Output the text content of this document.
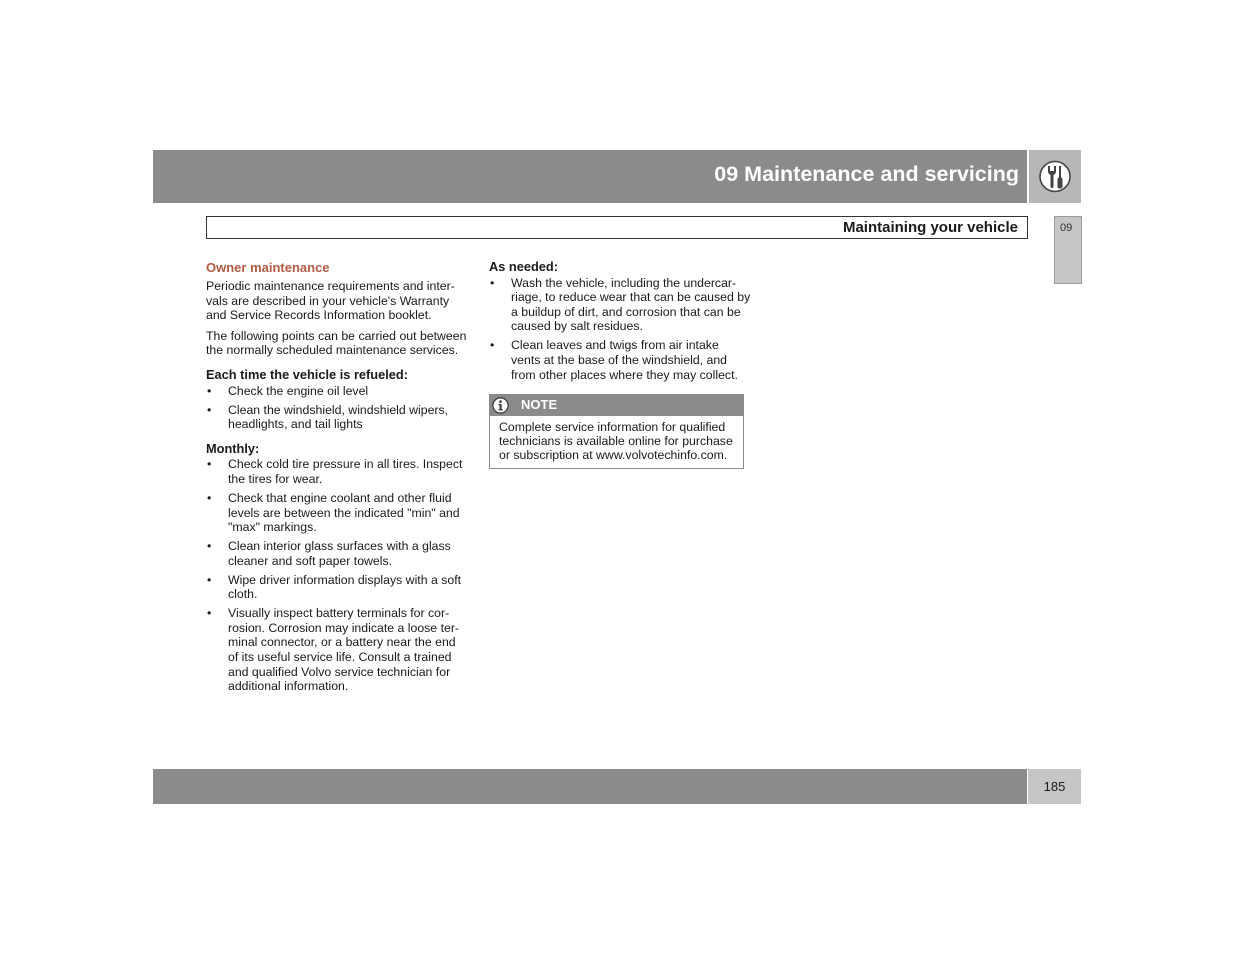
09 Maintenance and servicing
Maintaining your vehicle	09
Owner maintenance

Periodic maintenance requirements and inter-vals are described in your vehicle's Warranty and Service Records Information booklet.

The following points can be carried out between the normally scheduled maintenance services.

Each time the vehicle is refueled:
• Check the engine oil level
• Clean the windshield, windshield wipers, headlights, and tail lights
Monthly:
• Check cold tire pressure in all tires. Inspect the tires for wear.
• Check that engine coolant and other fluid levels are between the indicated "min" and "max" markings.
• Clean interior glass surfaces with a glass cleaner and soft paper towels.
• Wipe driver information displays with a soft cloth.
• Visually inspect battery terminals for cor-rosion. Corrosion may indicate a loose ter-minal connector, or a battery near the end of its useful service life. Consult a trained and qualified Volvo service technician for additional information.
As needed:
• Wash the vehicle, including the undercar-riage, to reduce wear that can be caused by a buildup of dirt, and corrosion that can be caused by salt residues.
• Clean leaves and twigs from air intake vents at the base of the windshield, and from other places where they may collect.
NOTE
Complete service information for qualified technicians is available online for purchase or subscription at www.volvotechinfo.com.
185
